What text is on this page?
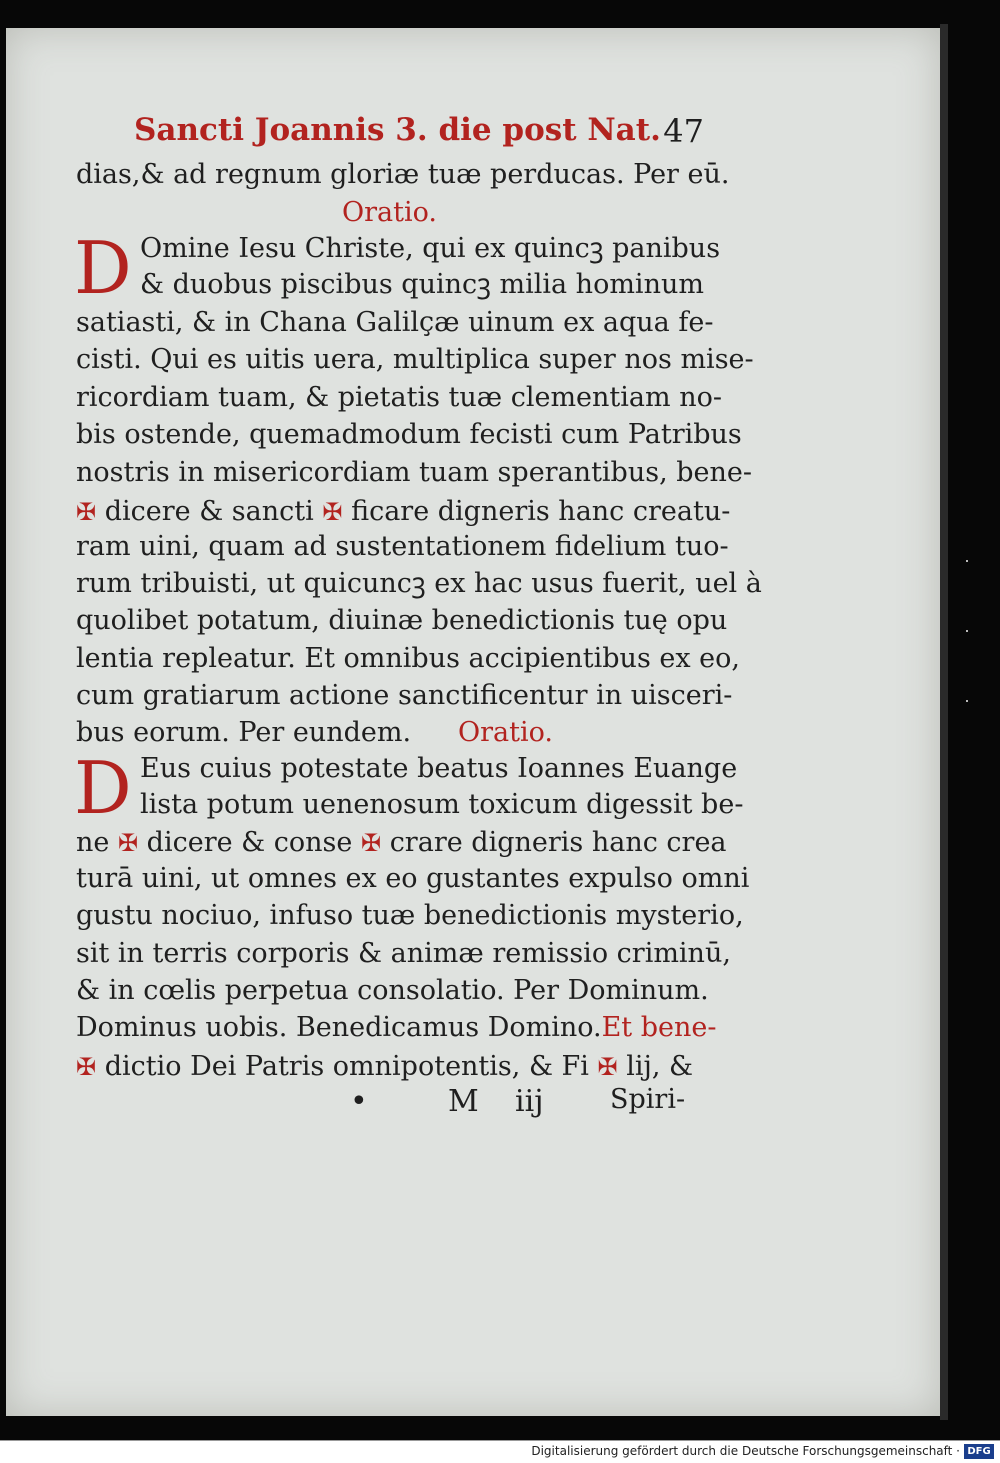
Sancti Joannis 3. die post Nat. 47
dias,& ad regnum gloriæ tuæ perducas. Per eū.
Oratio.
D Omine Iesu Christe, qui ex quincꝫ panibus
& duobus piscibus quincꝫ milia hominum
satiasti, & in Chana Galilçæ uinum ex aqua fe-
cisti. Qui es uitis uera, multiplica super nos mise-
ricordiam tuam, & pietatis tuæ clementiam no-
bis ostende, quemadmodum fecisti cum Patribus
nostris in misericordiam tuam sperantibus, bene-
✠ dicere & sancti ✠ ficare digneris hanc creatu-
ram uini, quam ad sustentationem fidelium tuo-
rum tribuisti, ut quicuncꝫ ex hac usus fuerit, uel à
quolibet potatum, diuinæ benedictionis tuę opu
lentia repleatur. Et omnibus accipientibus ex eo,
cum gratiarum actione sanctificentur in uisceri-
bus eorum. Per eundem. Oratio.
D Eus cuius potestate beatus Ioannes Euange
lista potum uenenosum toxicum digessit be-
ne ✠ dicere & conse ✠ crare digneris hanc crea
turā uini, ut omnes ex eo gustantes expulso omni
gustu nociuo, infuso tuæ benedictionis mysterio,
sit in terris corporis & animæ remissio criminū,
& in cœlis perpetua consolatio. Per Dominum.
Dominus uobis. Benedicamus Domino.Et bene-
✠ dictio Dei Patris omnipotentis, & Fi ✠ lij, &
•	M iij Spiri-
Digitalisierung gefördert durch die Deutsche Forschungsgemeinschaft · DFG
